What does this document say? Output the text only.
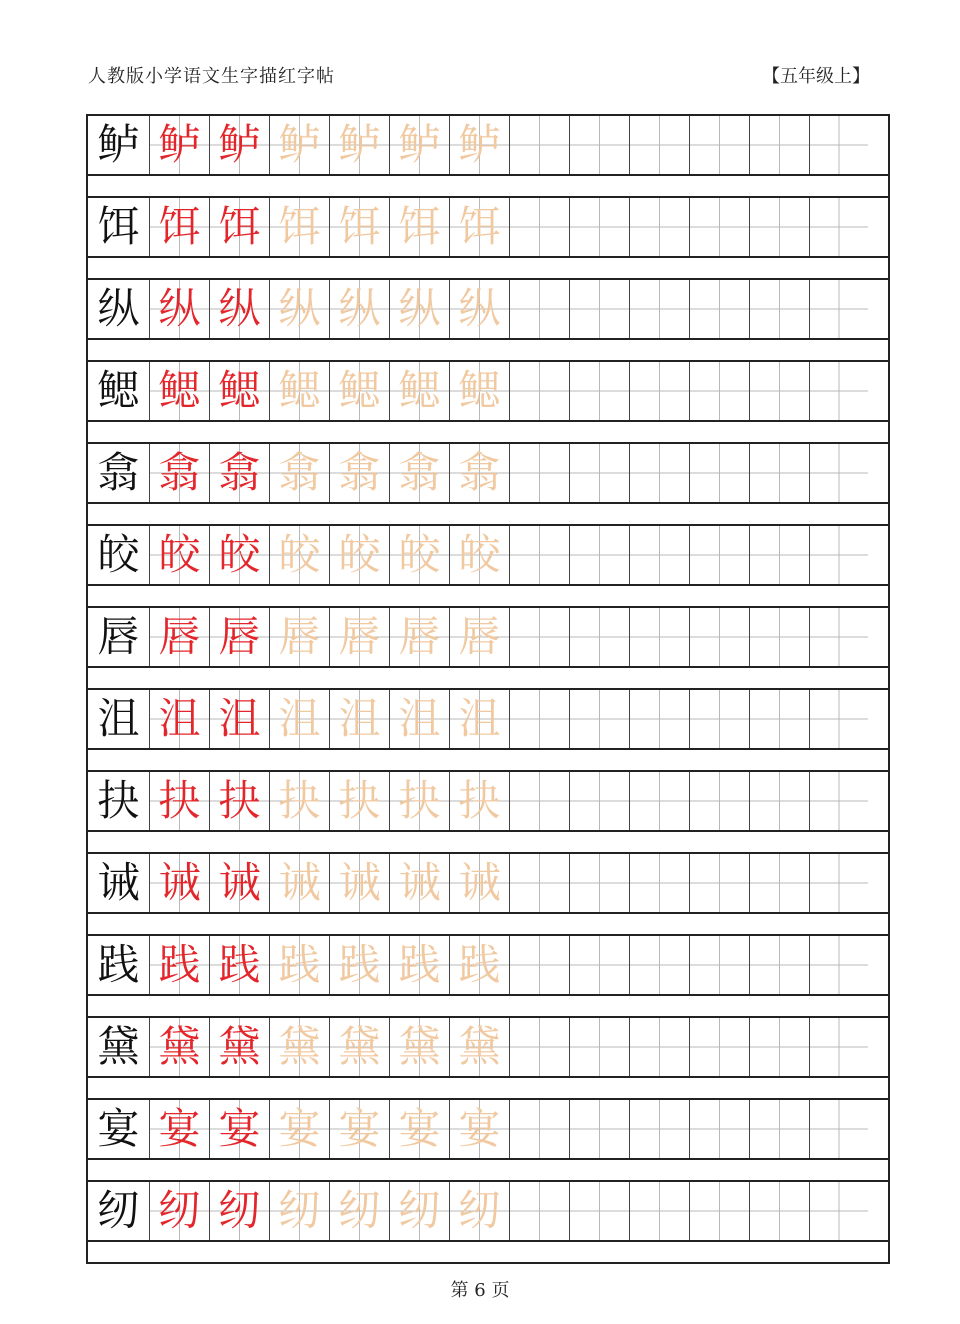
人教版小学语文生字描红字帖	【五年级上】
鲈 鲈 鲈 鲈 鲈 鲈 鲈
饵 饵 饵 饵 饵 饵 饵
纵 纵 纵 纵 纵 纵 纵
鳃 鳃 鳃 鳃 鳃 鳃 鳃
翕 翕 翕 翕 翕 翕 翕
皎 皎 皎 皎 皎 皎 皎
唇 唇 唇 唇 唇 唇 唇
沮 沮 沮 沮 沮 沮 沮
抉 抉 抉 抉 抉 抉 抉
诫 诫 诫 诫 诫 诫 诫
践 践 践 践 践 践 践
黛 黛 黛 黛 黛 黛 黛
宴 宴 宴 宴 宴 宴 宴
纫 纫 纫 纫 纫 纫 纫
第 6 页
